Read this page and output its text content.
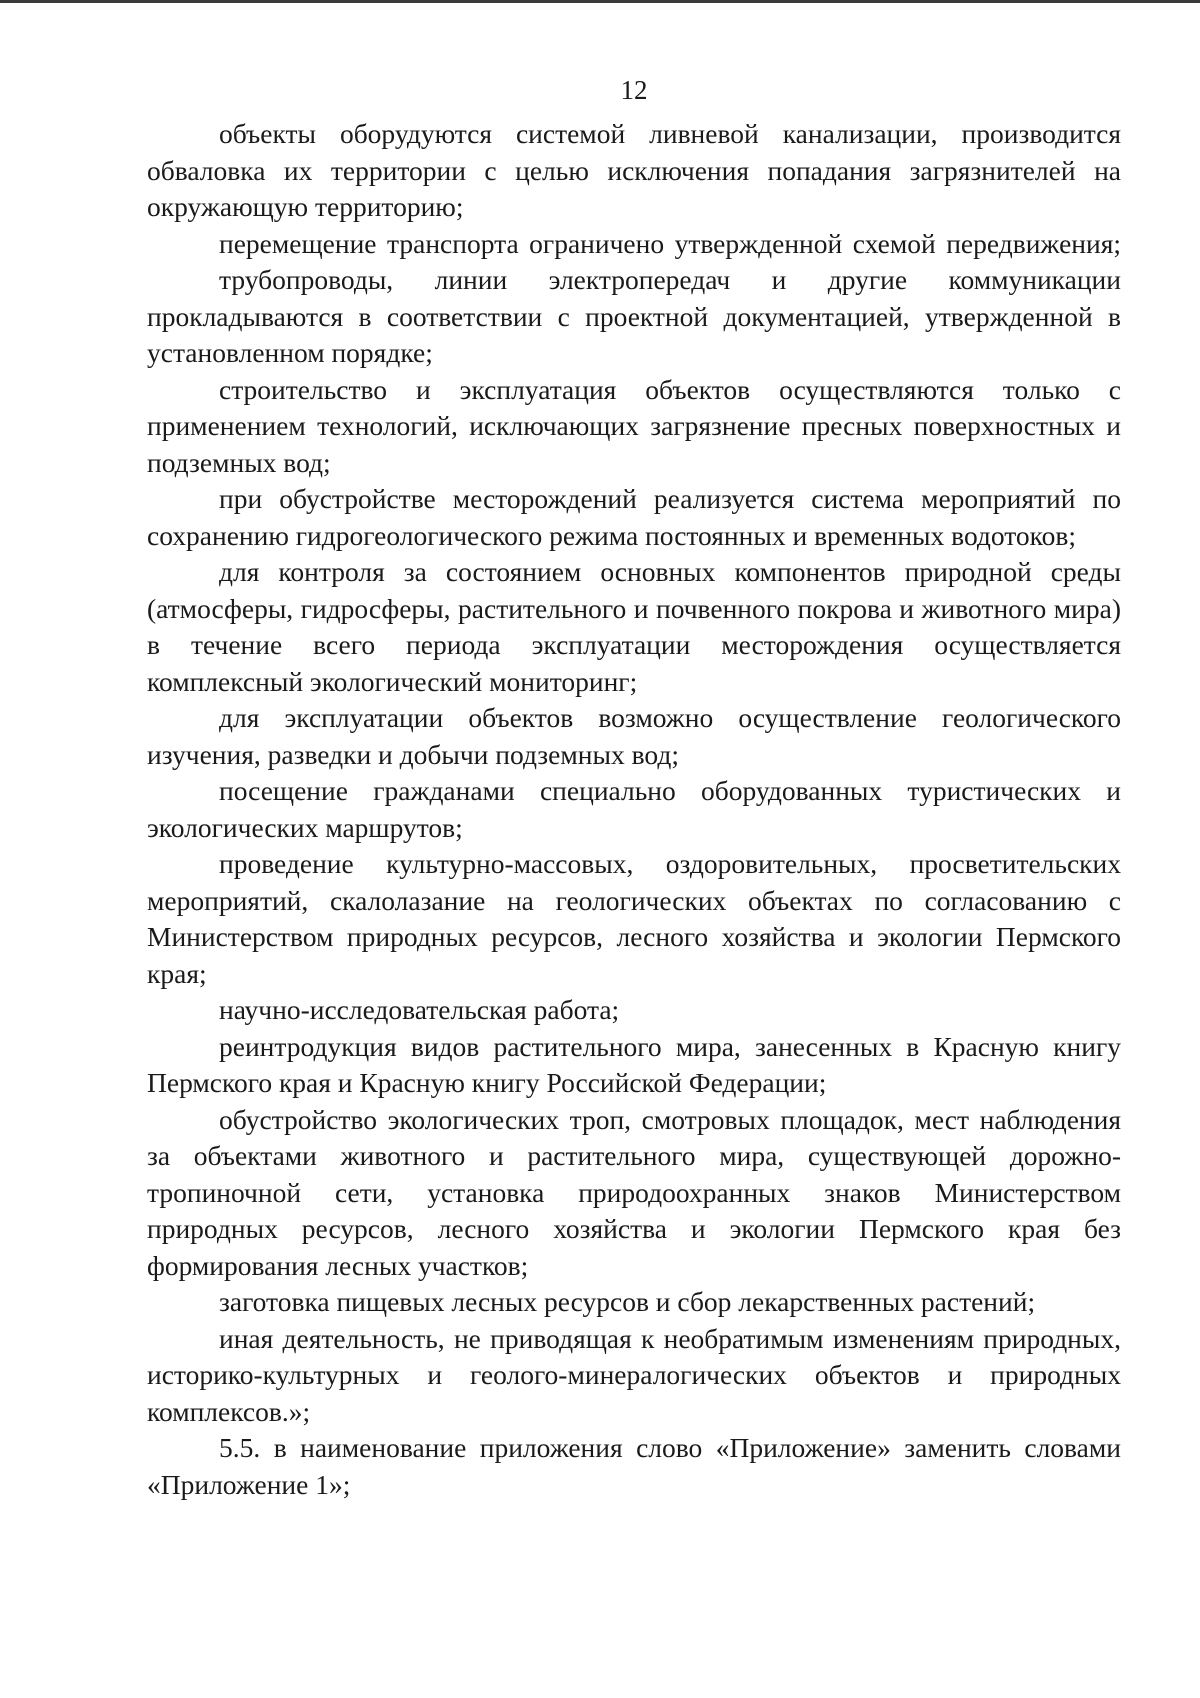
12

объекты оборудуются системой ливневой канализации, производится обваловка их территории с целью исключения попадания загрязнителей на окружающую территорию;

перемещение транспорта ограничено утвержденной схемой передвижения;

трубопроводы, линии электропередач и другие коммуникации прокладываются в соответствии с проектной документацией, утвержденной в установленном порядке;

строительство и эксплуатация объектов осуществляются только с применением технологий, исключающих загрязнение пресных поверхностных и подземных вод;

при обустройстве месторождений реализуется система мероприятий по сохранению гидрогеологического режима постоянных и временных водотоков;

для контроля за состоянием основных компонентов природной среды (атмосферы, гидросферы, растительного и почвенного покрова и животного мира) в течение всего периода эксплуатации месторождения осуществляется комплексный экологический мониторинг;

для эксплуатации объектов возможно осуществление геологического изучения, разведки и добычи подземных вод;

посещение гражданами специально оборудованных туристических и экологических маршрутов;

проведение культурно-массовых, оздоровительных, просветительских мероприятий, скалолазание на геологических объектах по согласованию с Министерством природных ресурсов, лесного хозяйства и экологии Пермского края;

научно-исследовательская работа;

реинтродукция видов растительного мира, занесенных в Красную книгу Пермского края и Красную книгу Российской Федерации;

обустройство экологических троп, смотровых площадок, мест наблюдения за объектами животного и растительного мира, существующей дорожно-тропиночной сети, установка природоохранных знаков Министерством природных ресурсов, лесного хозяйства и экологии Пермского края без формирования лесных участков;

заготовка пищевых лесных ресурсов и сбор лекарственных растений;

иная деятельность, не приводящая к необратимым изменениям природных, историко-культурных и геолого-минералогических объектов и природных комплексов.»;

5.5. в наименование приложения слово «Приложение» заменить словами «Приложение 1»;
